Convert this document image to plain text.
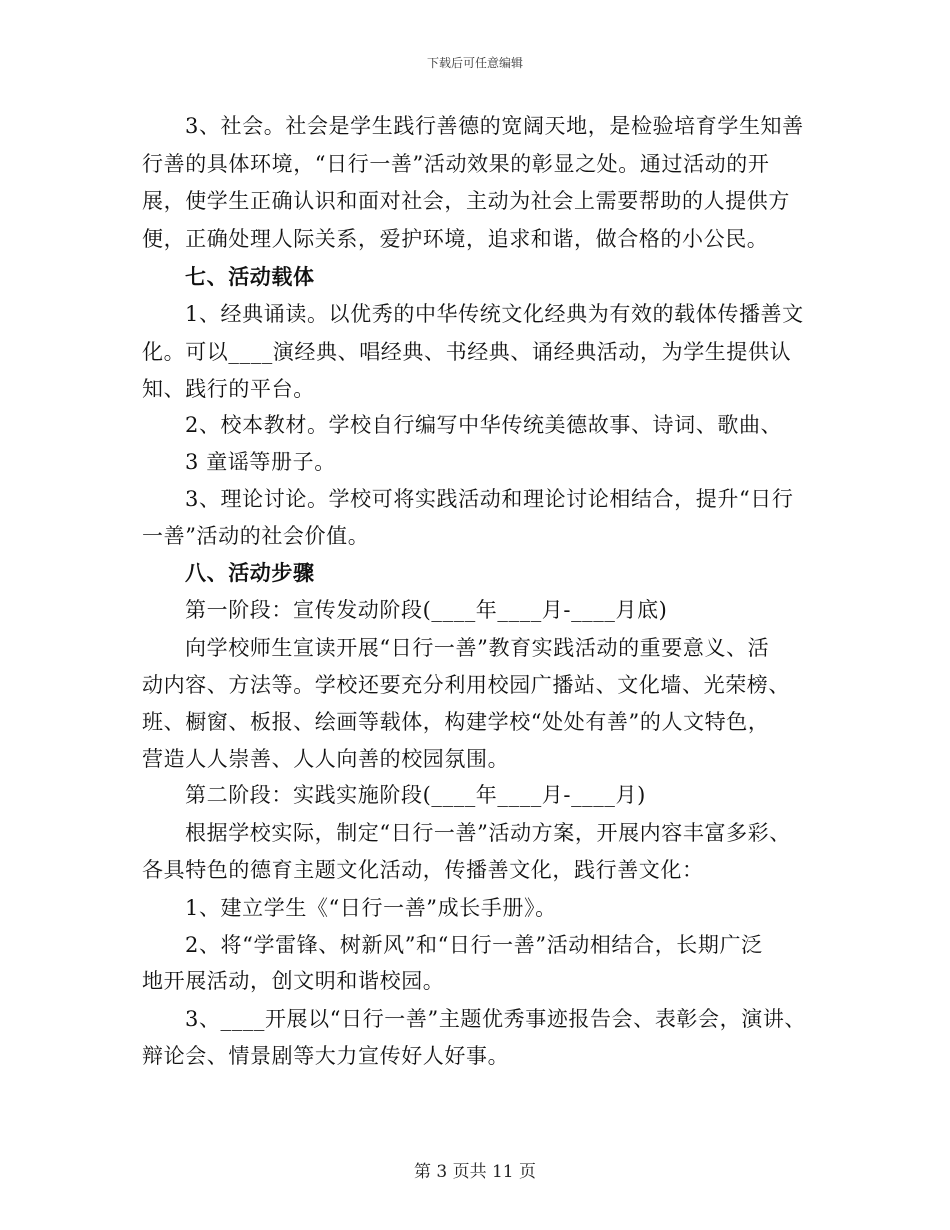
下载后可任意编辑
3、社会。社会是学生践行善德的宽阔天地，是检验培育学生知善
行善的具体环境，“日行一善”活动效果的彰显之处。通过活动的开
展，使学生正确认识和面对社会，主动为社会上需要帮助的人提供方
便，正确处理人际关系，爱护环境，追求和谐，做合格的小公民。
七、活动载体
1、经典诵读。以优秀的中华传统文化经典为有效的载体传播善文
化。可以____演经典、唱经典、书经典、诵经典活动，为学生提供认
知、践行的平台。
2、校本教材。学校自行编写中华传统美德故事、诗词、歌曲、
3 童谣等册子。
3、理论讨论。学校可将实践活动和理论讨论相结合，提升“日行
一善”活动的社会价值。
八、活动步骤
第一阶段：宣传发动阶段(____年____月-____月底)
向学校师生宣读开展“日行一善”教育实践活动的重要意义、活
动内容、方法等。学校还要充分利用校园广播站、文化墙、光荣榜、
班、橱窗、板报、绘画等载体，构建学校“处处有善”的人文特色，
营造人人崇善、人人向善的校园氛围。
第二阶段：实践实施阶段(____年____月-____月)
根据学校实际，制定“日行一善”活动方案，开展内容丰富多彩、
各具特色的德育主题文化活动，传播善文化，践行善文化：
1、建立学生《“日行一善”成长手册》。
2、将“学雷锋、树新风”和“日行一善”活动相结合，长期广泛
地开展活动，创文明和谐校园。
3、____开展以“日行一善”主题优秀事迹报告会、表彰会，演讲、
辩论会、情景剧等大力宣传好人好事。
第 3 页共 11 页
